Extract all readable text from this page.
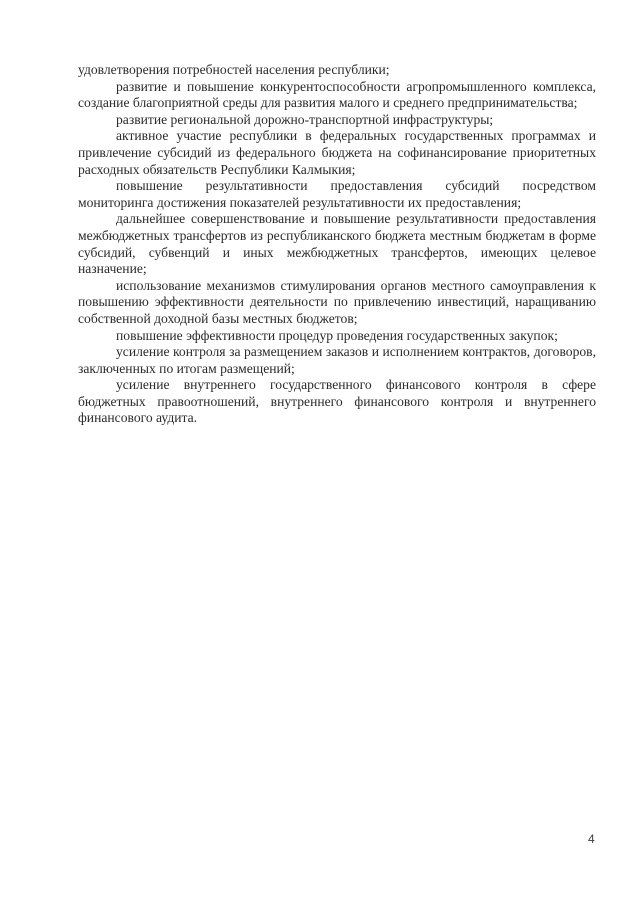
удовлетворения потребностей населения республики;

развитие и повышение конкурентоспособности агропромышленного комплекса, создание благоприятной среды для развития малого и среднего предпринимательства;

развитие региональной дорожно-транспортной инфраструктуры;

активное участие республики в федеральных государственных программах и привлечение субсидий из федерального бюджета на софинансирование приоритетных расходных обязательств Республики Калмыкия;

повышение результативности предоставления субсидий посредством мониторинга достижения показателей результативности их предоставления;

дальнейшее совершенствование и повышение результативности предоставления межбюджетных трансфертов из республиканского бюджета местным бюджетам в форме субсидий, субвенций и иных межбюджетных трансфертов, имеющих целевое назначение;

использование механизмов стимулирования органов местного самоуправления к повышению эффективности деятельности по привлечению инвестиций, наращиванию собственной доходной базы местных бюджетов;

повышение эффективности процедур проведения государственных закупок;

усиление контроля за размещением заказов и исполнением контрактов, договоров, заключенных по итогам размещений;

усиление внутреннего государственного финансового контроля в сфере бюджетных правоотношений, внутреннего финансового контроля и внутреннего финансового аудита.

4
